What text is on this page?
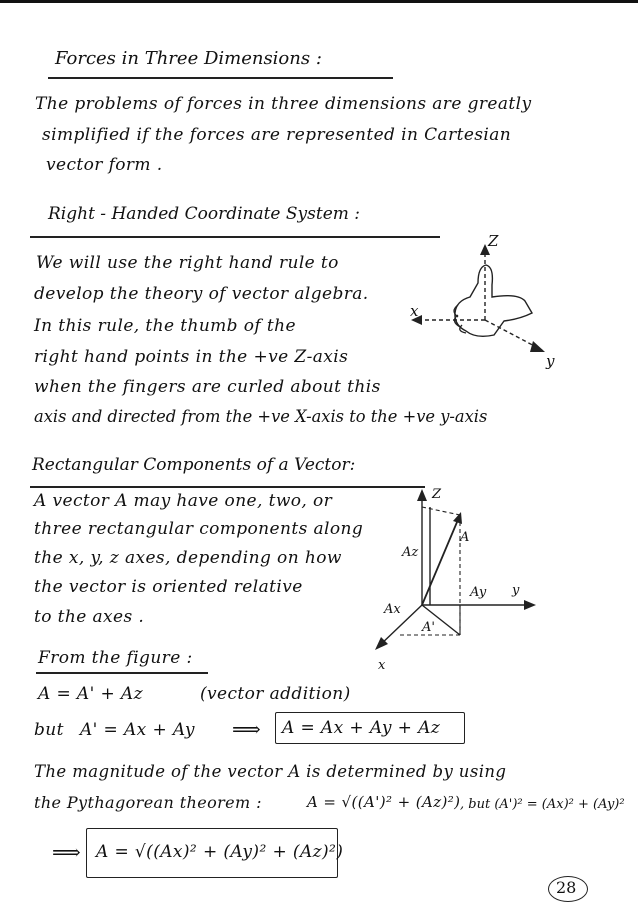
Forces in Three Dimensions :
The problems of forces in three dimensions are greatly
simplified if the forces are represented in Cartesian
vector form .
Right - Handed Coordinate System :
We will use the right hand rule to
develop the theory of vector algebra.
In this rule, the thumb of the
right hand points in the +ve Z-axis
when the fingers are curled about this
axis and directed from the +ve X-axis to the +ve y-axis
Z
x
y
Rectangular Components of a Vector:
A vector A may have one, two, or
three rectangular components along
the x, y, z axes, depending on how
the vector is oriented relative
to the axes .
Z
A
Az
Ay y
Ax
A'
x
From the figure :
A = A' + Az	(vector addition)
but A' = Ax + Ay ⟹ A = Ax + Ay + Az
The magnitude of the vector A is determined by using
the Pythagorean theorem :	A = √((A')² + (Az)²) , but (A')² = (Ax)² + (Ay)²
⟹ A = √((Ax)² + (Ay)² + (Az)²)
28
